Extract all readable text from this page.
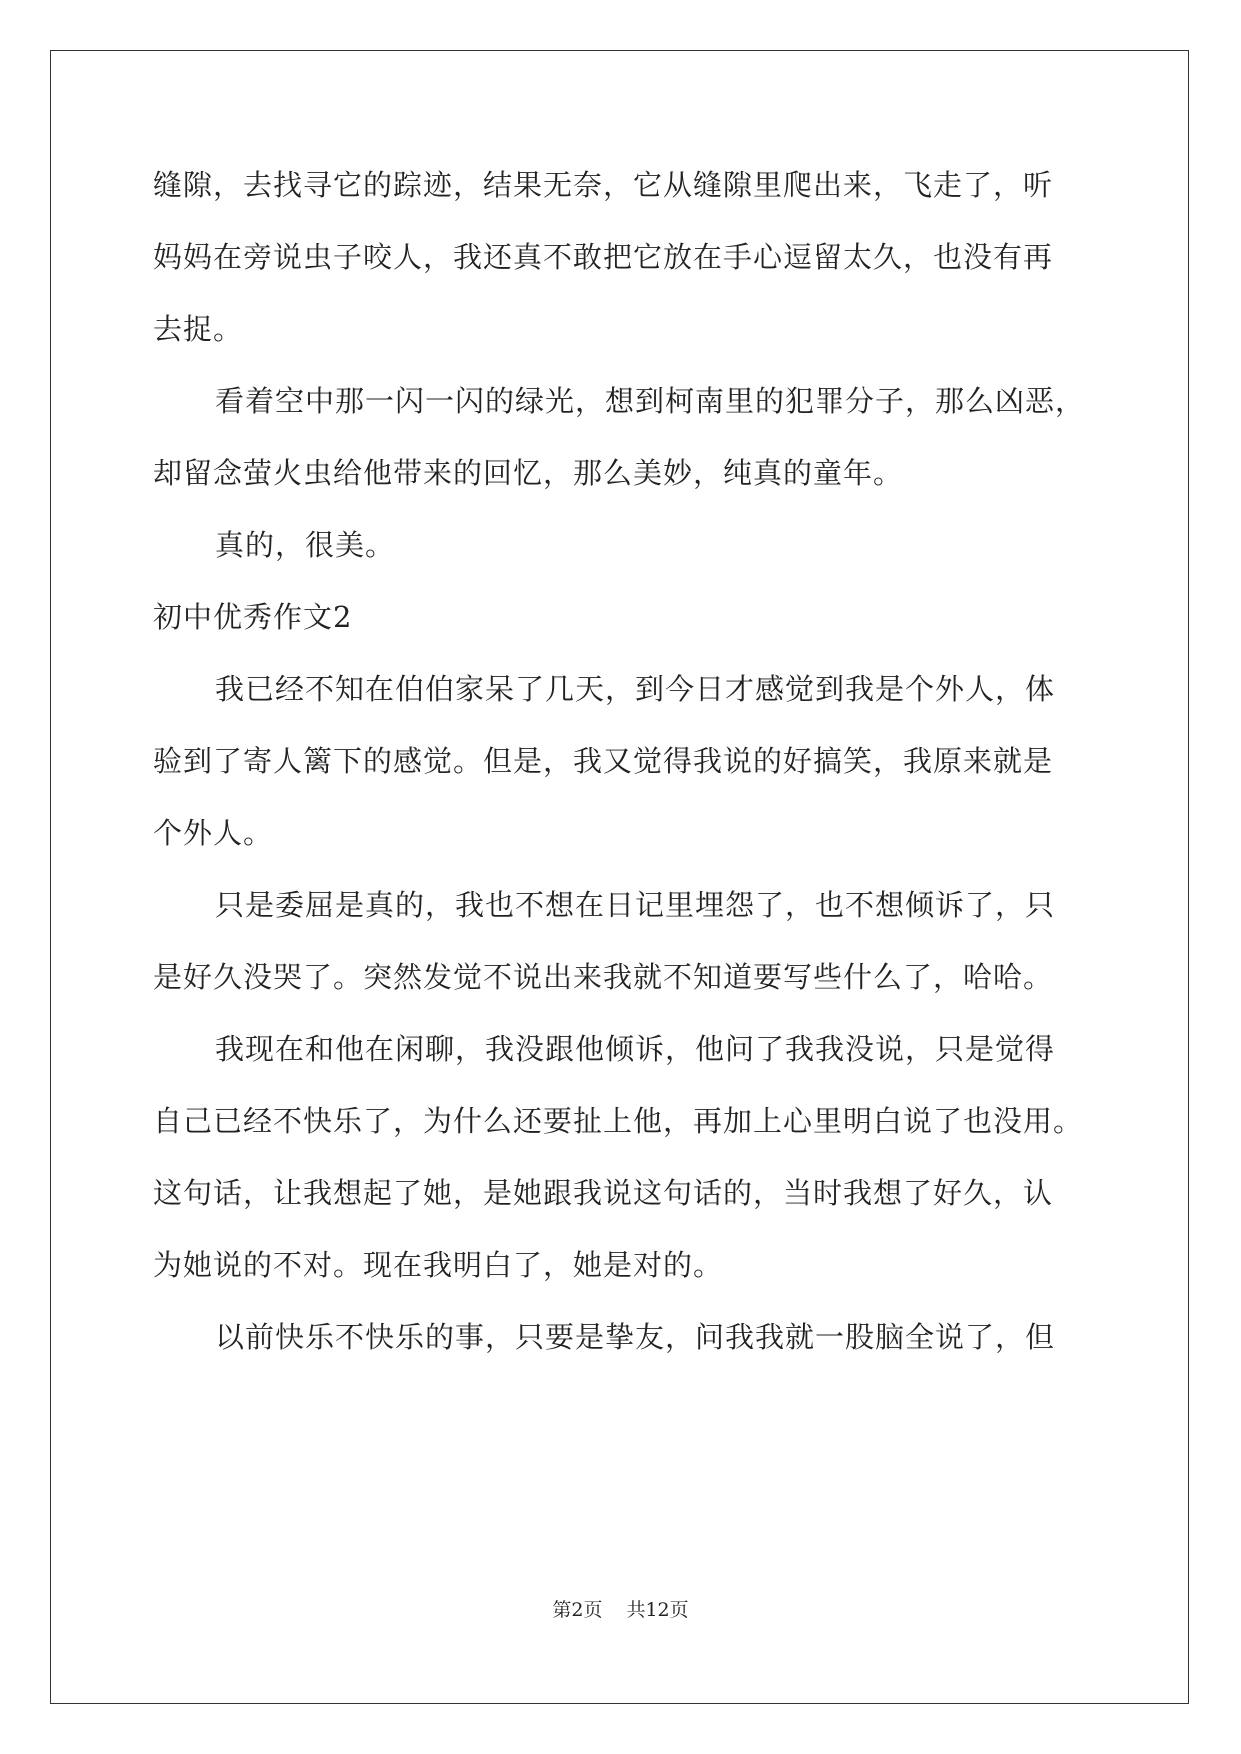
缝隙，去找寻它的踪迹，结果无奈，它从缝隙里爬出来，飞走了，听
妈妈在旁说虫子咬人，我还真不敢把它放在手心逗留太久，也没有再
去捉。
看着空中那一闪一闪的绿光，想到柯南里的犯罪分子，那么凶恶，
却留念萤火虫给他带来的回忆，那么美妙，纯真的童年。
真的，很美。
初中优秀作文2
我已经不知在伯伯家呆了几天，到今日才感觉到我是个外人，体
验到了寄人篱下的感觉。但是，我又觉得我说的好搞笑，我原来就是
个外人。
只是委屈是真的，我也不想在日记里埋怨了，也不想倾诉了，只
是好久没哭了。突然发觉不说出来我就不知道要写些什么了，哈哈。
我现在和他在闲聊，我没跟他倾诉，他问了我我没说，只是觉得
自己已经不快乐了，为什么还要扯上他，再加上心里明白说了也没用。
这句话，让我想起了她，是她跟我说这句话的，当时我想了好久，认
为她说的不对。现在我明白了，她是对的。
以前快乐不快乐的事，只要是挚友，问我我就一股脑全说了，但
第2页 共12页
